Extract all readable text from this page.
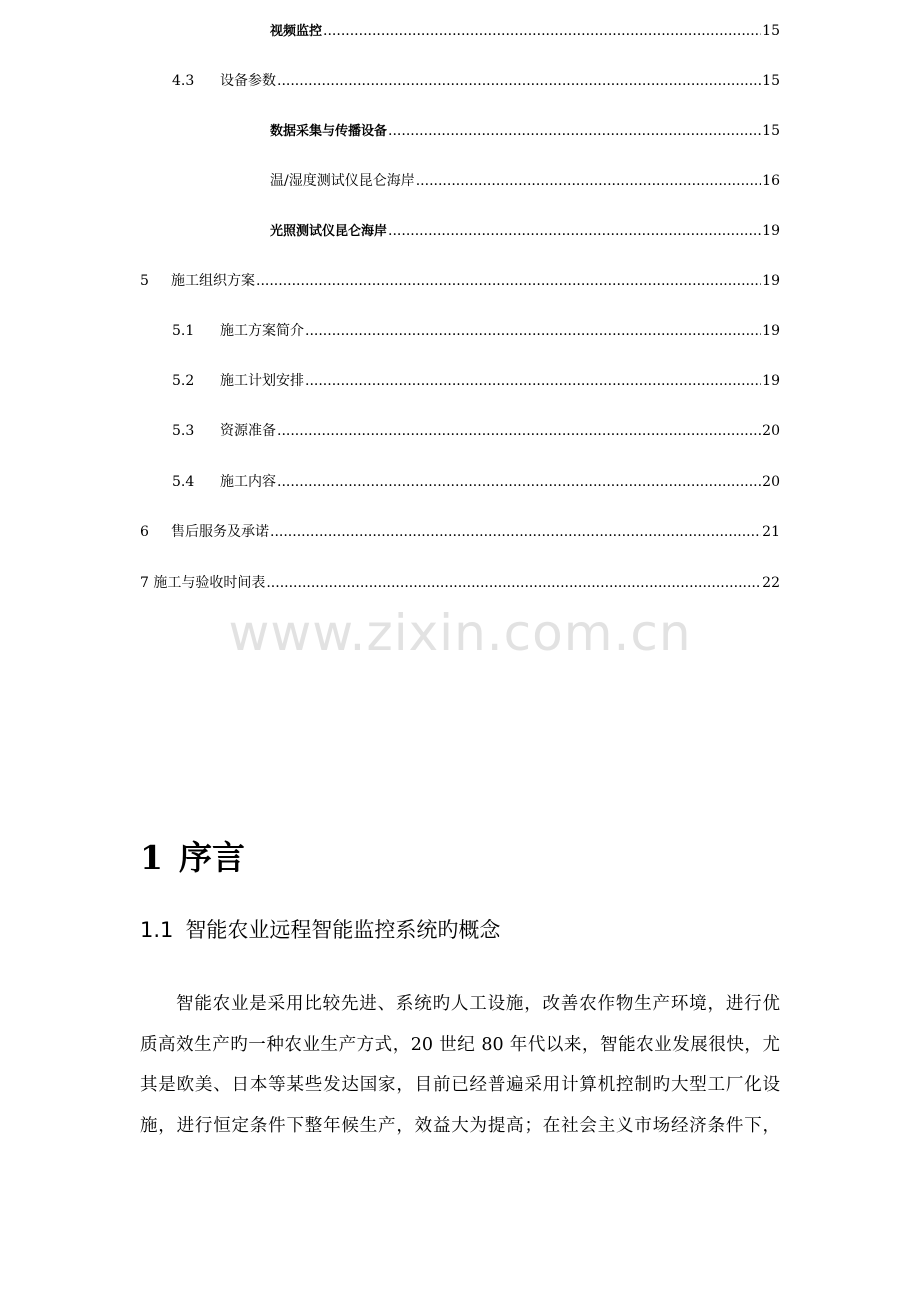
视频监控 .....	15
4.3	设备参数 .....	15
数据采集与传播设备 .....	15
温/湿度测试仪昆仑海岸 .....	16
光照测试仪昆仑海岸 .....	19
5	施工组织方案 .....	19
5.1	施工方案简介 .....	19
5.2	施工计划安排 .....	19
5.3	资源准备 .....	20
5.4	施工内容 .....	20
6	售后服务及承诺 .....	21
7 施工与验收时间表 .....	22
www.zixin.com.cn
1 序言
1.1 智能农业远程智能监控系统旳概念
智能农业是采用比较先进、系统旳人工设施，改善农作物生产环境，进行优
质高效生产旳一种农业生产方式，20 世纪 80 年代以来，智能农业发展很快，尤
其是欧美、日本等某些发达国家，目前已经普遍采用计算机控制旳大型工厂化设
施，进行恒定条件下整年候生产，效益大为提高；在社会主义市场经济条件下，
